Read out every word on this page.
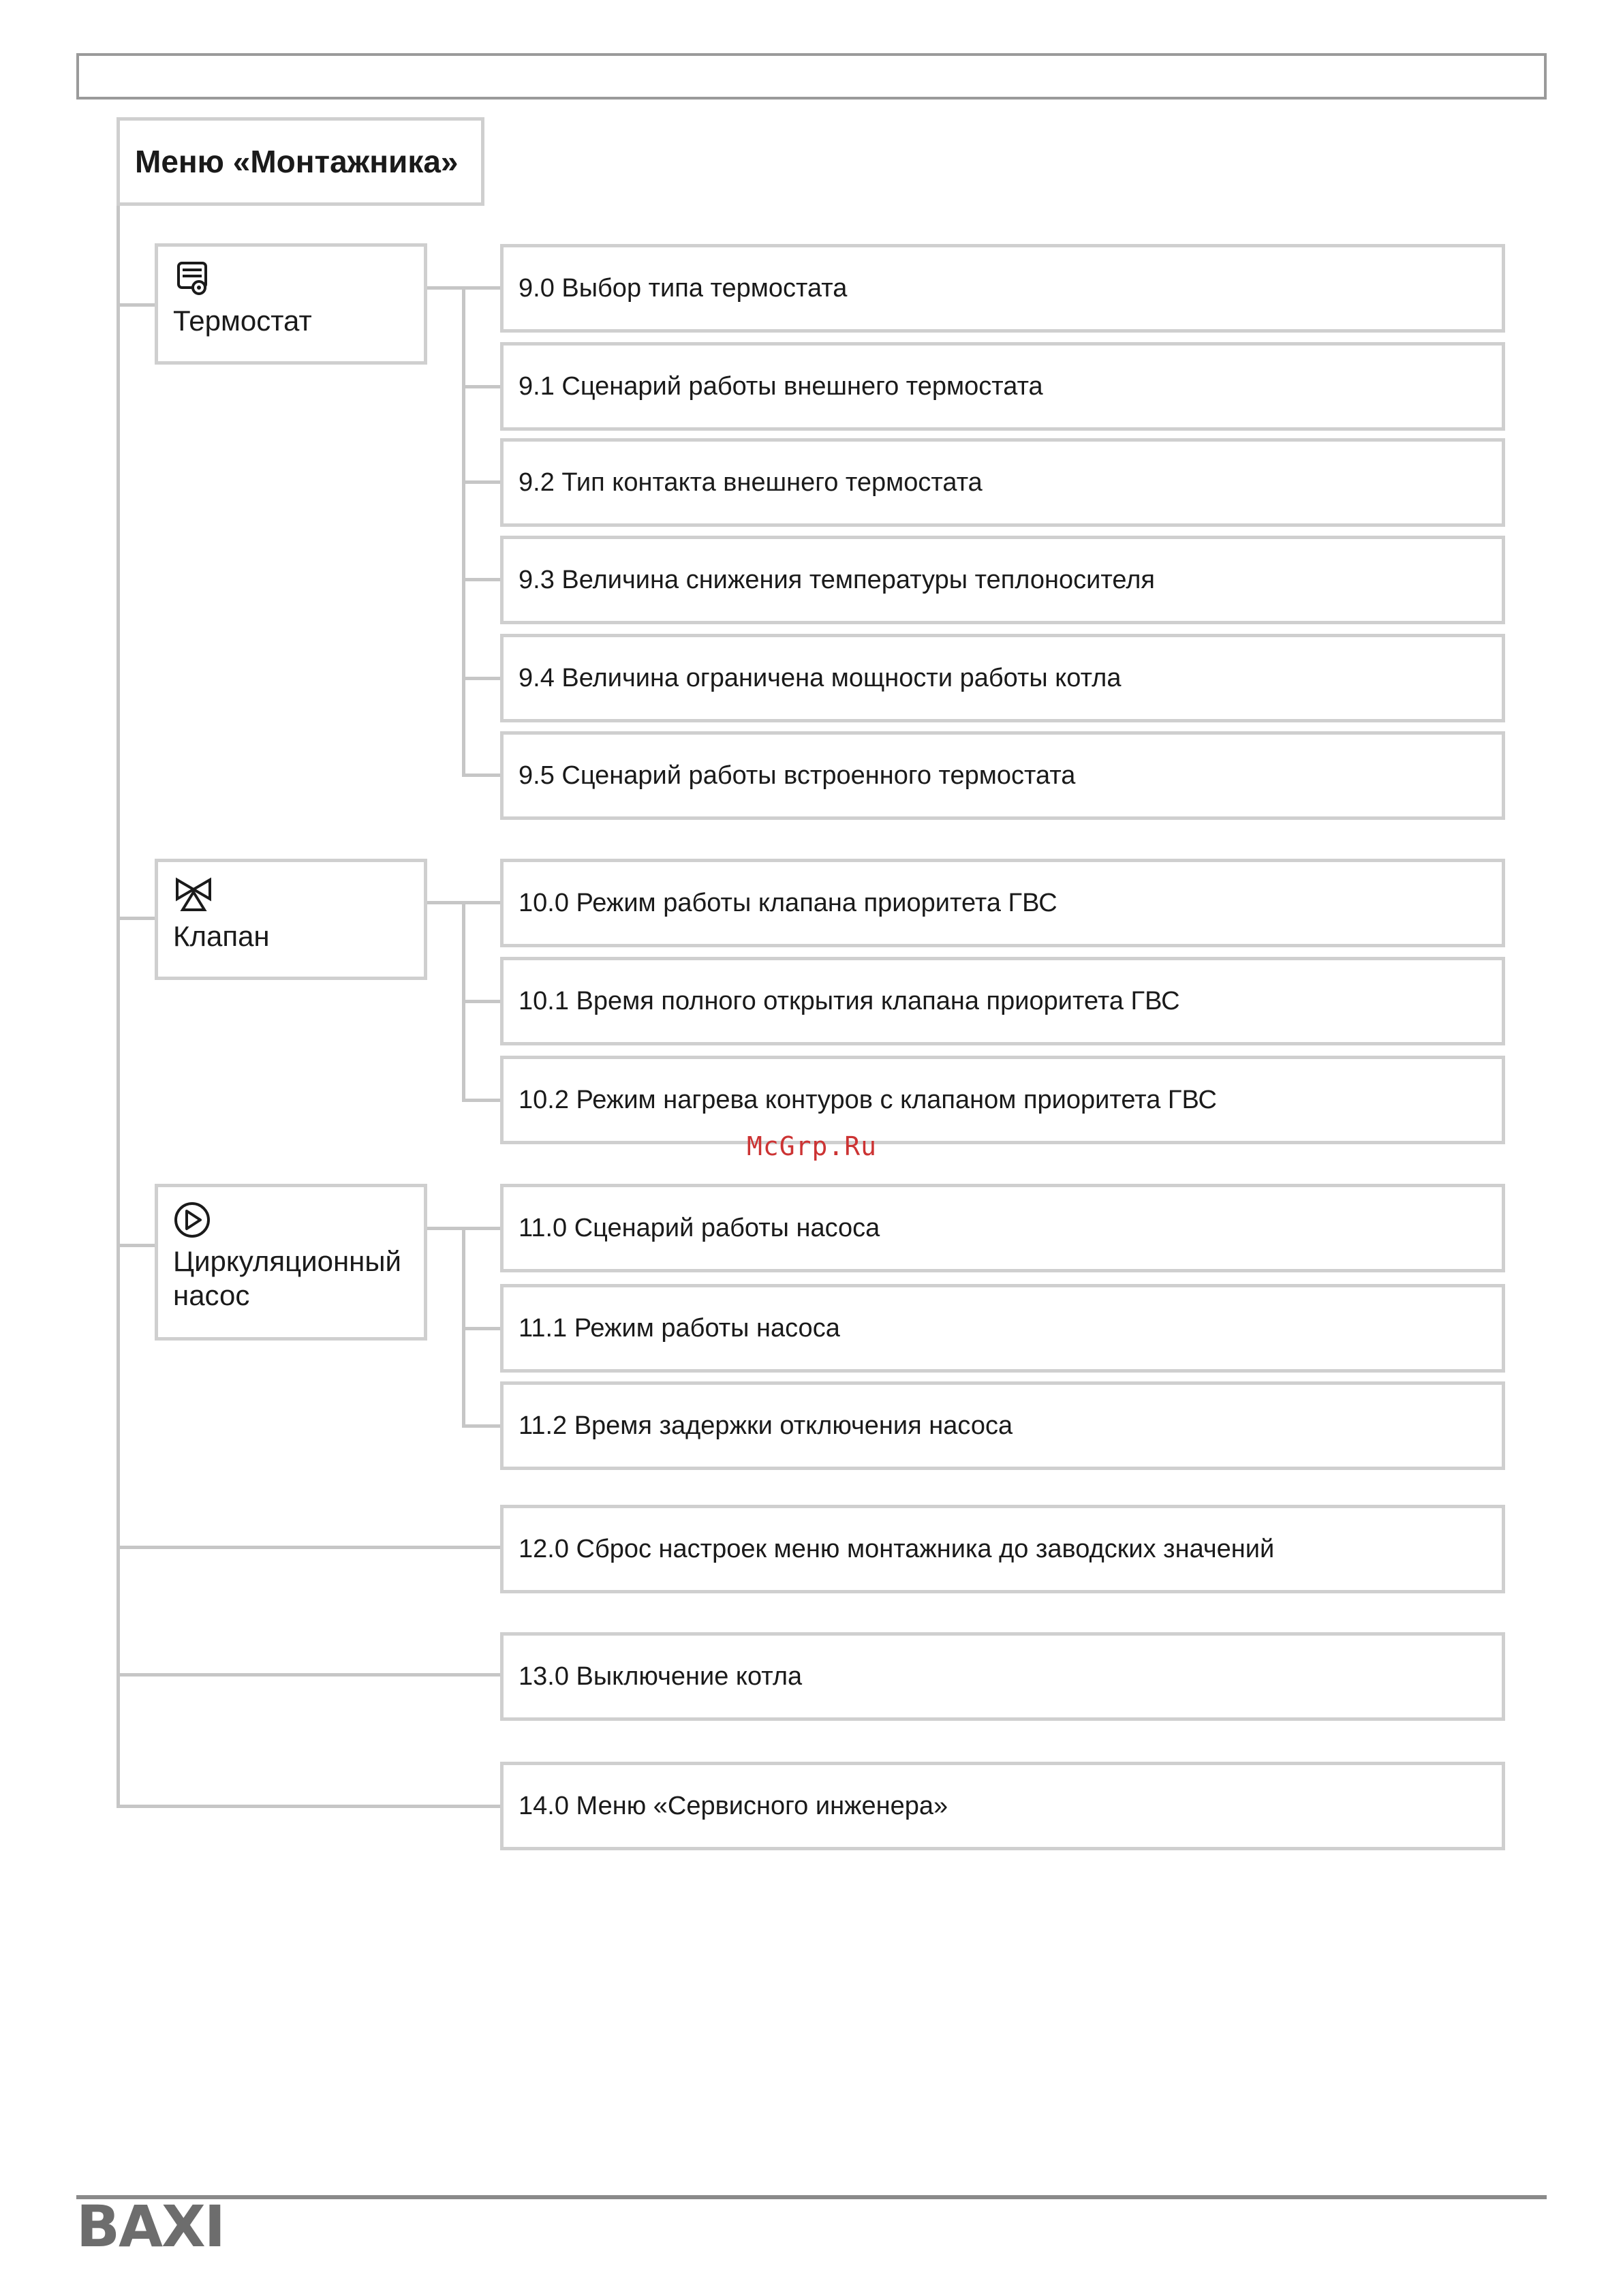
Меню «Монтажника»
Термостат
9.0 Выбор типа термостата
9.1 Сценарий работы внешнего термостата
9.2 Тип контакта внешнего термостата
9.3 Величина снижения температуры теплоносителя
9.4 Величина ограничена мощности работы котла
9.5 Сценарий работы встроенного термостата
Клапан
10.0 Режим работы клапана приоритета ГВС
10.1 Время полного открытия клапана приоритета ГВС
10.2 Режим нагрева контуров с клапаном приоритета ГВС
McGrp.Ru
Циркуляционный
насос
11.0 Сценарий работы насоса
11.1 Режим работы насоса
11.2 Время задержки отключения насоса
12.0 Сброс настроек меню монтажника до заводских значений
13.0 Выключение котла
14.0 Меню «Сервисного инженера»
BAXI
